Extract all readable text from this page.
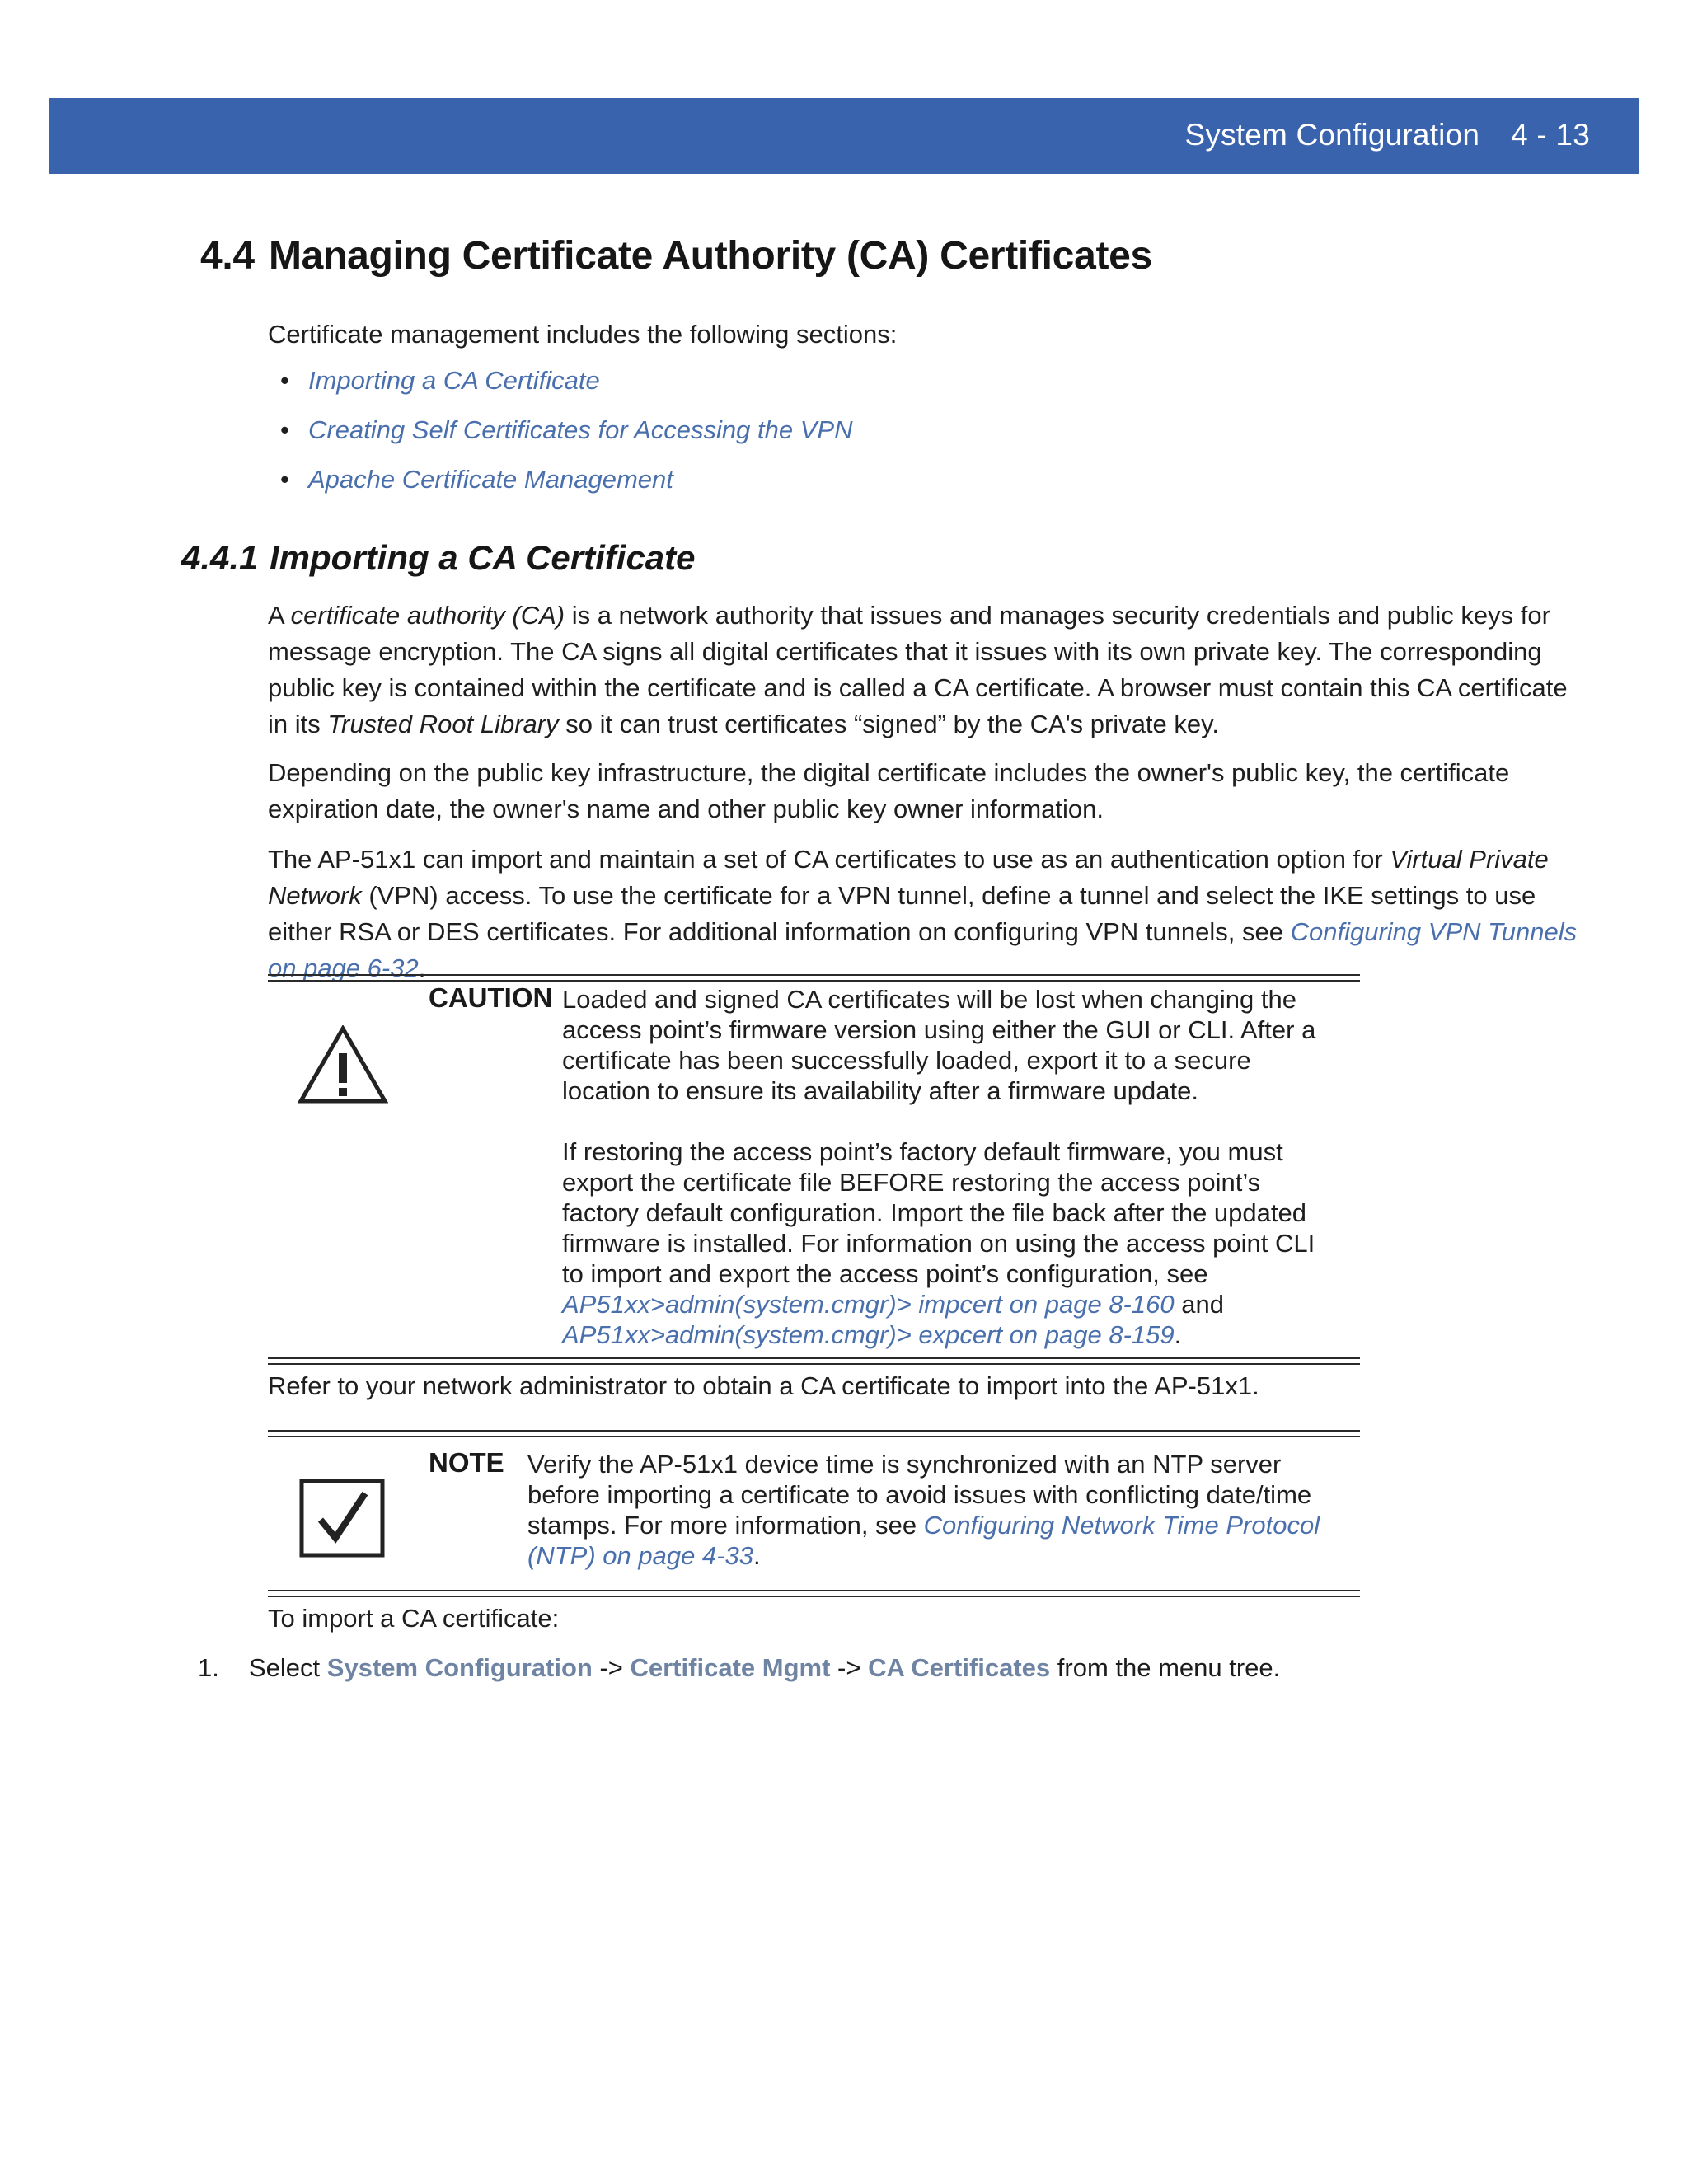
System Configuration 4 - 13
4.4 Managing Certificate Authority (CA) Certificates
Certificate management includes the following sections:
• Importing a CA Certificate
• Creating Self Certificates for Accessing the VPN
• Apache Certificate Management
4.4.1 Importing a CA Certificate
A certificate authority (CA) is a network authority that issues and manages security credentials and public keys for message encryption. The CA signs all digital certificates that it issues with its own private key. The corresponding public key is contained within the certificate and is called a CA certificate. A browser must contain this CA certificate in its Trusted Root Library so it can trust certificates “signed” by the CA's private key.
Depending on the public key infrastructure, the digital certificate includes the owner's public key, the certificate expiration date, the owner's name and other public key owner information.
The AP-51x1 can import and maintain a set of CA certificates to use as an authentication option for Virtual Private Network (VPN) access. To use the certificate for a VPN tunnel, define a tunnel and select the IKE settings to use either RSA or DES certificates. For additional information on configuring VPN tunnels, see Configuring VPN Tunnels on page 6-32.
CAUTION Loaded and signed CA certificates will be lost when changing the access point’s firmware version using either the GUI or CLI. After a certificate has been successfully loaded, export it to a secure location to ensure its availability after a firmware update.
If restoring the access point’s factory default firmware, you must export the certificate file BEFORE restoring the access point’s factory default configuration. Import the file back after the updated firmware is installed. For information on using the access point CLI to import and export the access point’s configuration, see
AP51xx>admin(system.cmgr)> impcert on page 8-160 and
AP51xx>admin(system.cmgr)> expcert on page 8-159.
Refer to your network administrator to obtain a CA certificate to import into the AP-51x1.
NOTE Verify the AP-51x1 device time is synchronized with an NTP server before importing a certificate to avoid issues with conflicting date/time stamps. For more information, see Configuring Network Time Protocol (NTP) on page 4-33.
To import a CA certificate:
1. Select System Configuration -> Certificate Mgmt -> CA Certificates from the menu tree.
